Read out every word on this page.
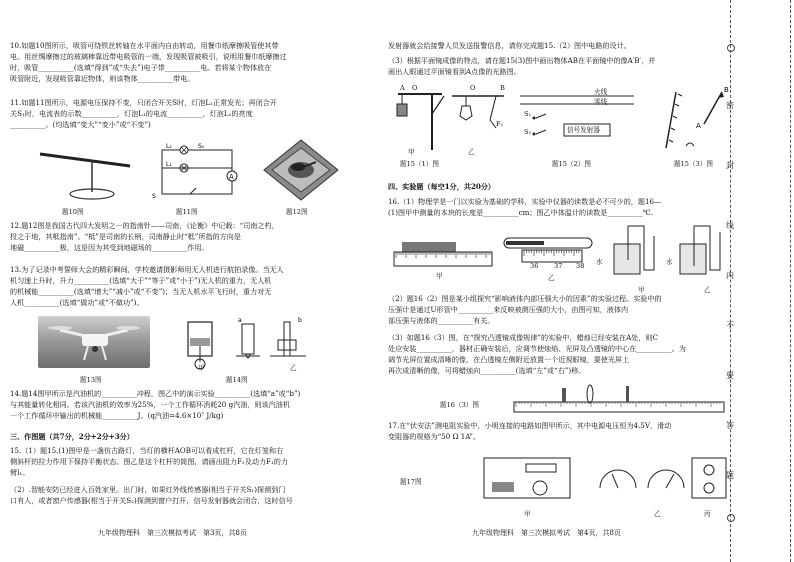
10.如题10图所示，吸管可绕铁丝转轴在水平面内自由转动，用餐巾纸摩擦吸管使其带
电。用丝绸摩擦过的玻璃棒靠近带电吸管的一端，发现吸管被吸引，说明用餐巾纸摩擦过
时，吸管__________(选填“得到”或“失去”)电子带__________电。若将某个物体放在
吸管附近，发现吸管靠近物体，则该物体__________带电。
11.如题11图所示，电源电压保持不变，只闭合开关S时，灯泡L₁正常发光；再闭合开
关S₁时，电流表的示数__________，灯泡L₁的电流__________，灯泡L₁的亮度
__________。(均选填“变大”“变小”或“不变”)
A
S
S₁
L₂
L₁
题10图	题11图	题12图
12.题12图是我国古代四大发明之一的指南针——司南，《论衡》中记载：“司南之杓，
投之于地，其柢指南”。“柢”是司南的长柄，司南静止时“柢”所指的方向是
地磁__________极，这是因为其受到地磁场的__________作用。
13.为了记录中考誓师大会的精彩瞬间，学校邀请摄影师用无人机进行航拍录像。当无人
机匀速上升时，升力__________(选填“大于”“等于”或“小于”)无人机的重力，无人机
的机械能__________(选填“增大”“减小”或“不变”)；当无人机水平飞行时，重力对无
人机__________(选填“做功”或“不做功”)。
a	b
甲	乙
题13图	题14图
14.题14图甲所示是汽油机的__________冲程，图乙中的演示实验__________(选填“a”或“b”)
与其能量转化相同。若该汽油机的效率为25%，一个工作循环消耗20 g汽油，则该汽油机
一个工作循环中输出的机械能__________J。(q汽油=4.6×10⁷ J/kg)
三、作图题（共7分，2分+2分+3分）
15.（1）题15.(1)图甲是一盏仿古路灯，当灯的横杆AOB可以看成杠杆，它在灯笼和右
侧斜杆的拉力作用下保持平衡状态。图乙是这个杠杆的简图，请画出阻力F₂及动力F₁的力
臂l₁。
（2）.智能安防已经进入百姓家里。出门时，如果红外线传感器(相当于开关S₁)探测到门
口有人，或者窗户传感器(相当于开关S₂)探测到窗户打开，信号发射器就会闭合，这时信号
九年级物理科　第三次模拟考试　第3页，共8页
发射器就会给接警人员发送报警信息，请你完成题15.（2）图中电路的设计。
（3）根据平面镜成像的特点，请在题15(3)图中画出物体AB在平面镜中的像A′B′，并
画出人眼通过平面镜看到A点像的光路图。
A O	O	B
F₁
甲	乙
火线
零线
S₁
S₂	信号发射器
B
A
题15（1）图	题15（2）图	题15（3）图
四、实验题（每空1分，共20分）
16.（1）物理学是一门以实验为基础的学科，实验中仪器的读数是必不可少的，题16—
(1)图甲中测量的本块的长度是__________cm；图乙中体温计的读数是__________℃.
甲
36 37 38
乙
水	水
甲	乙
（2）题16（2）图是某小组探究“影响液体内部压强大小的因素”的实验过程。实验中的
压强计是通过U形管中__________来反映被测压强的大小，由图可知，液体内
部压强与液体的__________有关。
（3）如题16（3）图，在“探究凸透镜成像规律”的实验中，蜡烛已经安装在A处，则C
处应安装__________，器材正确安装后，应调节使烛焰、光屏及凸透镜的中心在__________。为
调节光屏位置成清晰的像，在凸透镜左侧附近放置一个近视眼镜，要使光屏上
再次成清晰的像，可将蜡烛向__________(选填“左”或“右”)移。
题16（3）图
17.在“伏安法”测电阻实验中，小明连接的电路如图甲所示，其中电源电压恒为4.5V，滑动
变阻器的规格为“50 Ω 1A”。
题17图
甲	乙	丙
九年级物理科　第三次模拟考试　第4页，共8页
密
封
线
内
不
要
答
题
